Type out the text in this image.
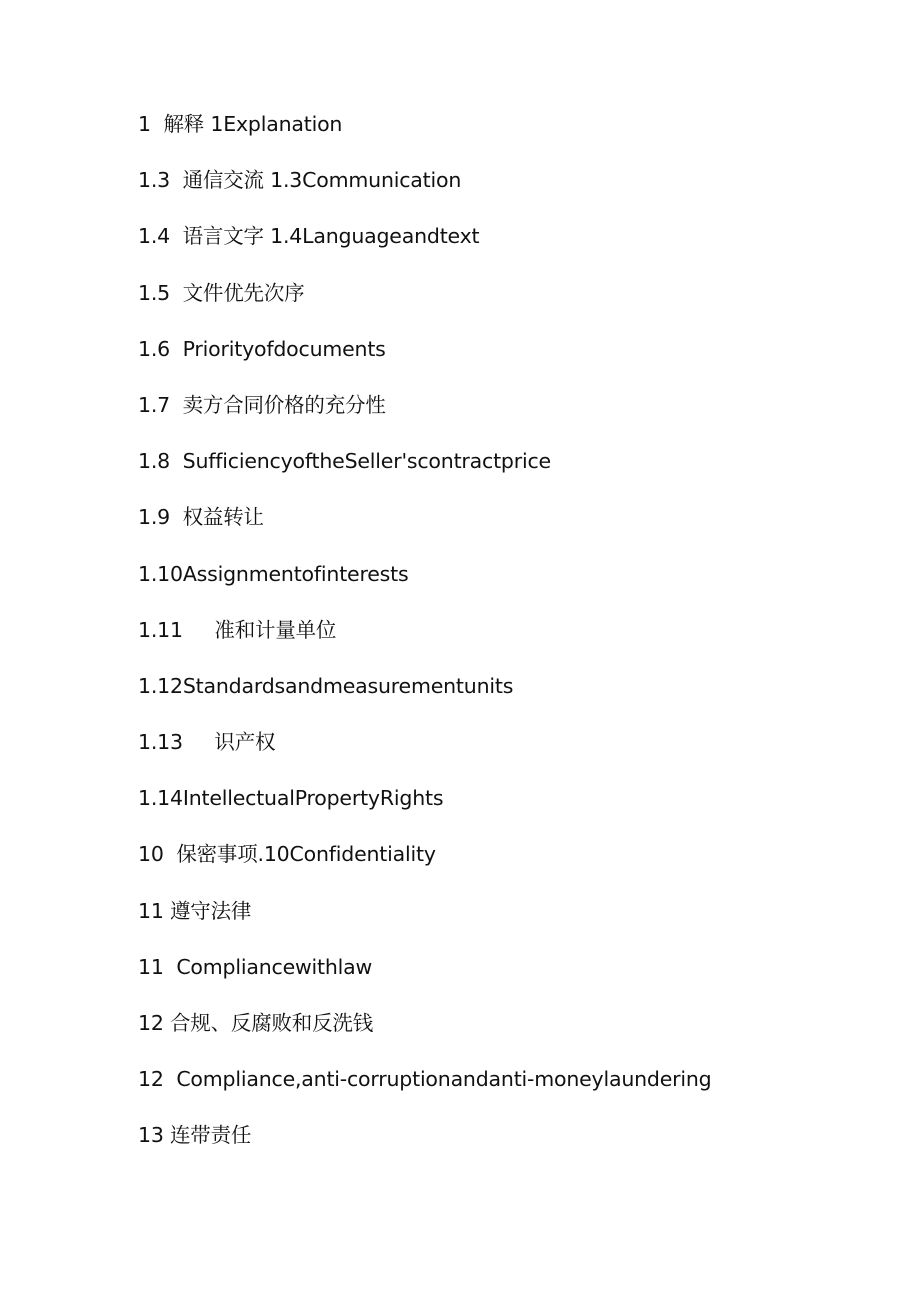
1  解释 1Explanation
1.3  通信交流 1.3Communication
1.4  语言文字 1.4Languageandtext
1.5  文件优先次序
1.6  Priorityofdocuments
1.7  卖方合同价格的充分性
1.8  SufficiencyoftheSeller'scontractprice
1.9  权益转让
1.10Assignmentofinterests
1.11     准和计量单位
1.12Standardsandmeasurementunits
1.13     识产权
1.14IntellectualPropertyRights
10  保密事项.10Confidentiality
11 遵守法律
11  Compliancewithlaw
12 合规、反腐败和反洗钱
12  Compliance,anti-corruptionandanti-moneylaundering
13 连带责任
